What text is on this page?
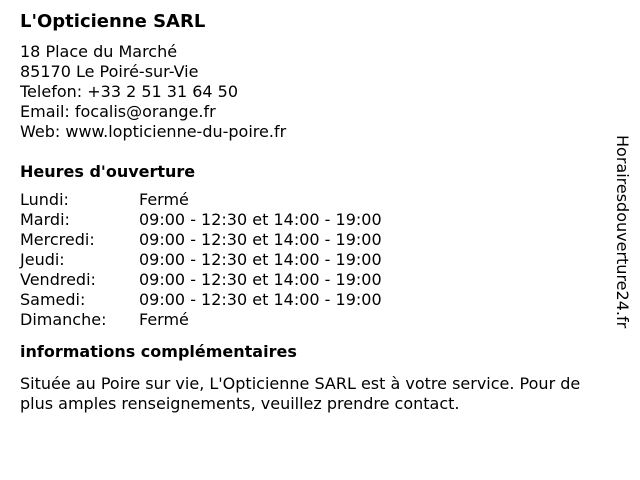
L'Opticienne SARL
18 Place du Marché
85170 Le Poiré-sur-Vie
Telefon: +33 2 51 31 64 50
Email: focalis@orange.fr
Web: www.lopticienne-du-poire.fr
Heures d'ouverture
Lundi:	Fermé
Mardi:	09:00 - 12:30 et 14:00 - 19:00
Mercredi:	09:00 - 12:30 et 14:00 - 19:00
Jeudi:	09:00 - 12:30 et 14:00 - 19:00
Vendredi:	09:00 - 12:30 et 14:00 - 19:00
Samedi:	09:00 - 12:30 et 14:00 - 19:00
Dimanche:	Fermé
informations complémentaires

Située au Poire sur vie, L'Opticienne SARL est à votre service. Pour de plus amples renseignements, veuillez prendre contact.

Horairesdouverture24.fr
